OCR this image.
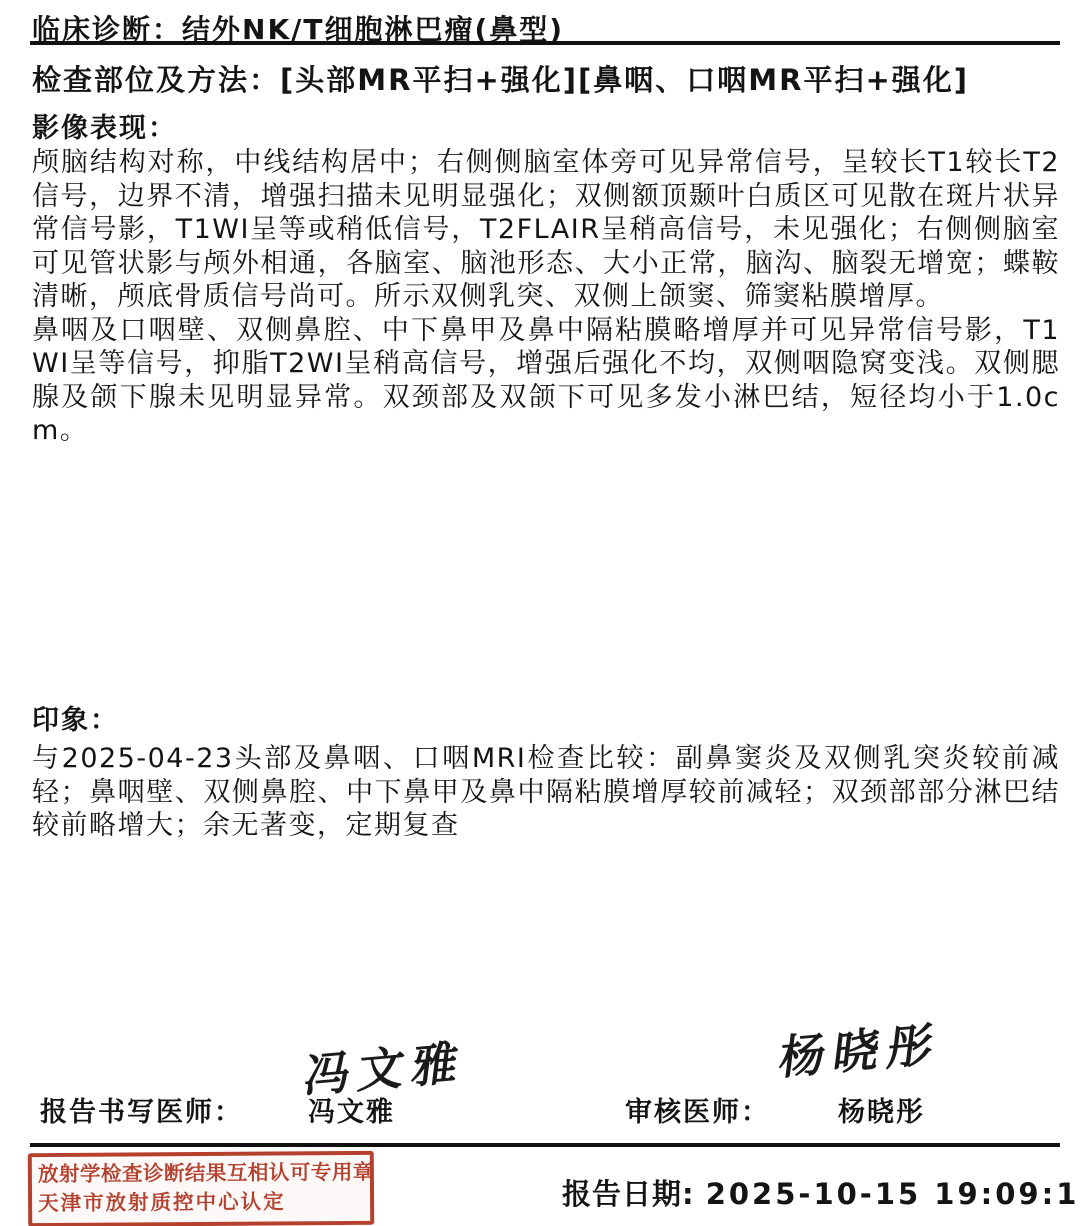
临床诊断：结外NK/T细胞淋巴瘤(鼻型)
检查部位及方法：[头部MR平扫+强化][鼻咽、口咽MR平扫+强化]
影像表现：

颅脑结构对称，中线结构居中；右侧侧脑室体旁可见异常信号，呈较长T1较长T2信号，边界不清，增强扫描未见明显强化；双侧额顶颞叶白质区可见散在斑片状异常信号影，T1WI呈等或稍低信号，T2FLAIR呈稍高信号，未见强化；右侧侧脑室可见管状影与颅外相通，各脑室、脑池形态、大小正常，脑沟、脑裂无增宽；蝶鞍清晰，颅底骨质信号尚可。所示双侧乳突、双侧上颌窦、筛窦粘膜增厚。

鼻咽及口咽壁、双侧鼻腔、中下鼻甲及鼻中隔粘膜略增厚并可见异常信号影，T1WI呈等信号，抑脂T2WI呈稍高信号，增强后强化不均，双侧咽隐窝变浅。双侧腮腺及颌下腺未见明显异常。双颈部及双颌下可见多发小淋巴结，短径均小于1.0cm。

印象：
与2025-04-23头部及鼻咽、口咽MRI检查比较：副鼻窦炎及双侧乳突炎较前减轻；鼻咽壁、双侧鼻腔、中下鼻甲及鼻中隔粘膜增厚较前减轻；双颈部部分淋巴结较前略增大；余无著变，定期复查
冯文雅	杨晓彤
报告书写医师： 冯文雅	审核医师：	杨晓彤
放射学检查诊断结果互相认可专用章
天津市放射质控中心认定	报告日期: 2025-10-15 19:09:1
